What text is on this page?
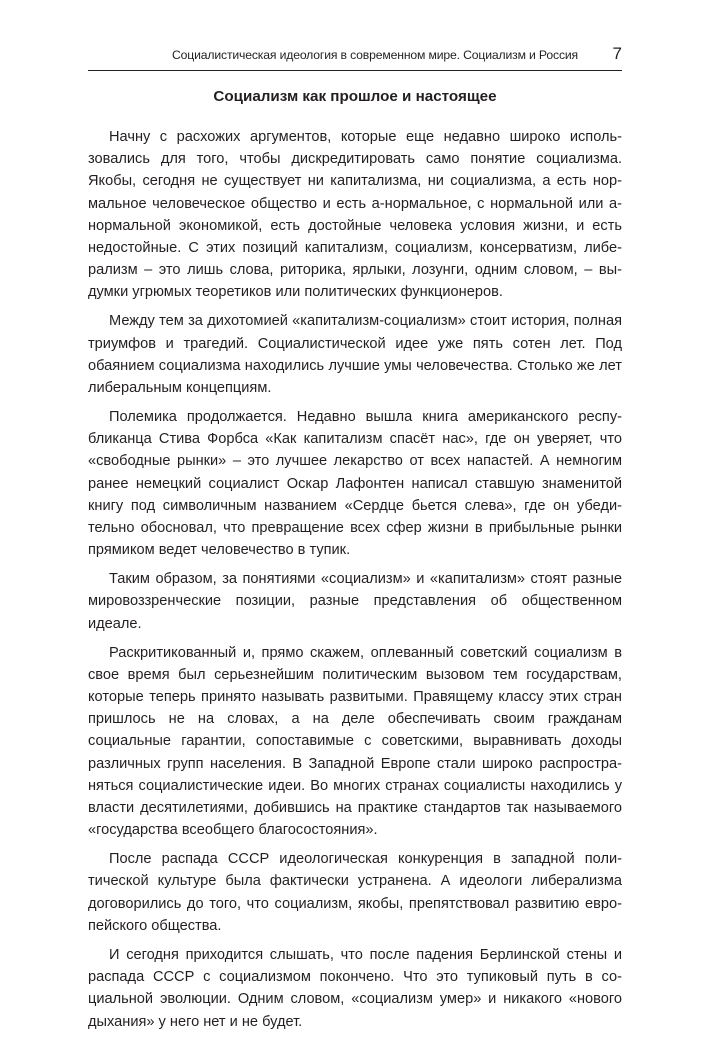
Социалистическая идеология в современном мире. Социализм и Россия 7
Социализм как прошлое и настоящее

Начну с расхожих аргументов, которые еще недавно широко использовались для того, чтобы дискредитировать само понятие социализма. Якобы, сегодня не существует ни капитализма, ни социализма, а есть нормальное человеческое общество и есть а-нормальное, с нормальной или а-нормальной экономикой, есть достойные человека условия жизни, и есть недостойные. С этих позиций капитализм, социализм, консерватизм, либерализм – это лишь слова, риторика, ярлыки, лозунги, одним словом, – выдумки угрюмых теоретиков или политических функционеров.

Между тем за дихотомией «капитализм-социализм» стоит история, полная триумфов и трагедий. Социалистической идее уже пять сотен лет. Под обаянием социализма находились лучшие умы человечества. Столько же лет либеральным концепциям.

Полемика продолжается. Недавно вышла книга американского республиканца Стива Форбса «Как капитализм спасёт нас», где он уверяет, что «свободные рынки» – это лучшее лекарство от всех напастей. А немногим ранее немецкий социалист Оскар Лафонтен написал ставшую знаменитой книгу под символичным названием «Сердце бьется слева», где он убедительно обосновал, что превращение всех сфер жизни в прибыльные рынки прямиком ведет человечество в тупик.

Таким образом, за понятиями «социализм» и «капитализм» стоят разные мировоззренческие позиции, разные представления об общественном идеале.

Раскритикованный и, прямо скажем, оплеванный советский социализм в свое время был серьезнейшим политическим вызовом тем государствам, которые теперь принято называть развитыми. Правящему классу этих стран пришлось не на словах, а на деле обеспечивать своим гражданам социальные гарантии, сопоставимые с советскими, выравнивать доходы различных групп населения. В Западной Европе стали широко распространяться социалистические идеи. Во многих странах социалисты находились у власти десятилетиями, добившись на практике стандартов так называемого «государства всеобщего благосостояния».

После распада СССР идеологическая конкуренция в западной политической культуре была фактически устранена. А идеологи либерализма договорились до того, что социализм, якобы, препятствовал развитию европейского общества.

И сегодня приходится слышать, что после падения Берлинской стены и распада СССР с социализмом покончено. Что это тупиковый путь в социальной эволюции. Одним словом, «социализм умер» и никакого «нового дыхания» у него нет и не будет.
